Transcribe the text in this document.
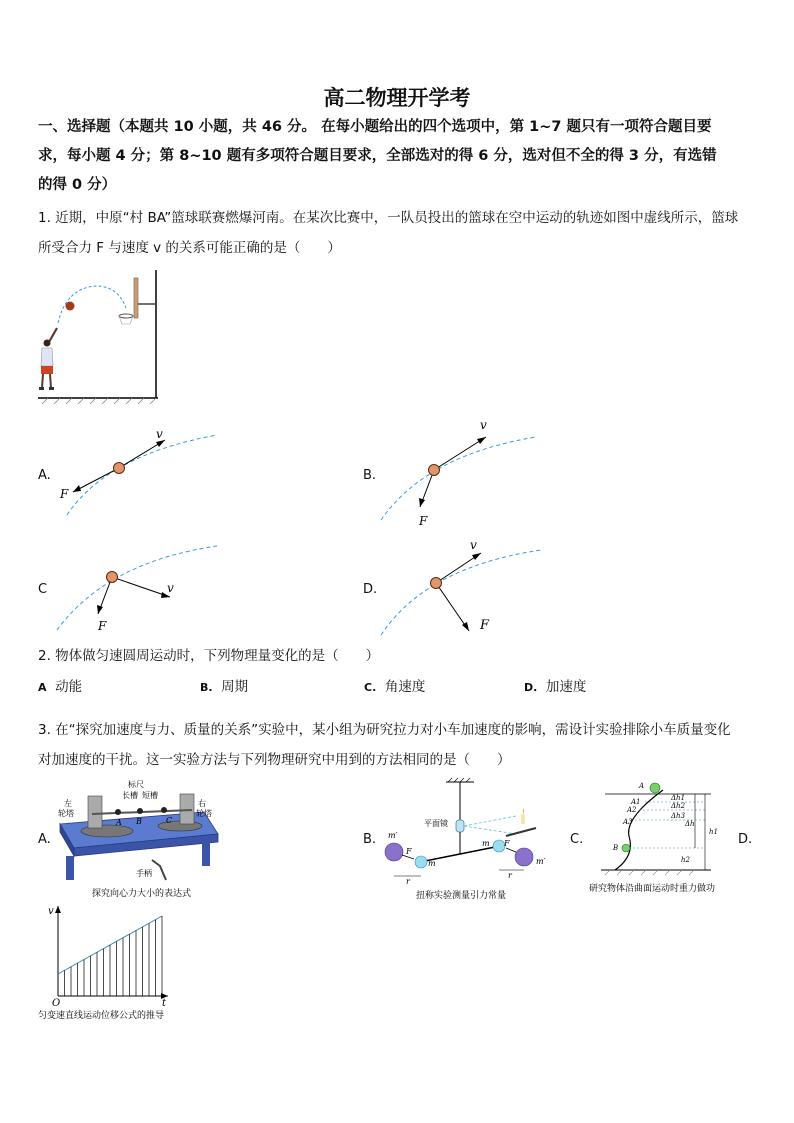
高二物理开学考
一、选择题（本题共 10 小题，共 46 分。 在每小题给出的四个选项中，第 1~7 题只有一项符合题目要
求，每小题 4 分；第 8~10 题有多项符合题目要求，全部选对的得 6 分，选对但不全的得 3 分，有选错
的得 0 分）
1. 近期，中原“村 BA”篮球联赛燃爆河南。在某次比赛中，一队员投出的篮球在空中运动的轨迹如图中虚线所示，篮球
所受合力 F 与速度 v 的关系可能正确的是（　　）
A.
v
F
B.
v
F
C	v
F
D.
v
F
2. 物体做匀速圆周运动时，下列物理量变化的是（　　）
A 动能	B. 周期	C. 角速度	D. 加速度
3. 在“探究加速度与力、质量的关系”实验中，某小组为研究拉力对小车加速度的影响，需设计实验排除小车质量变化
对加速度的干扰。这一实验方法与下列物理研究中用到的方法相同的是（　　）
A.
标尺
长槽 短槽
左
轮塔
右
轮塔
手柄
A B	C
探究向心力大小的表达式
B.
平面镜
m′
m′
m
m
F
F
r
r
扭称实验测量引力常量
C.
A
A1
A2
A3
B
Δh1
Δh2
Δh3
Δh
h1
h2
研究物体沿曲面运动时重力做功
D.
v
O	t
匀变速直线运动位移公式的推导
